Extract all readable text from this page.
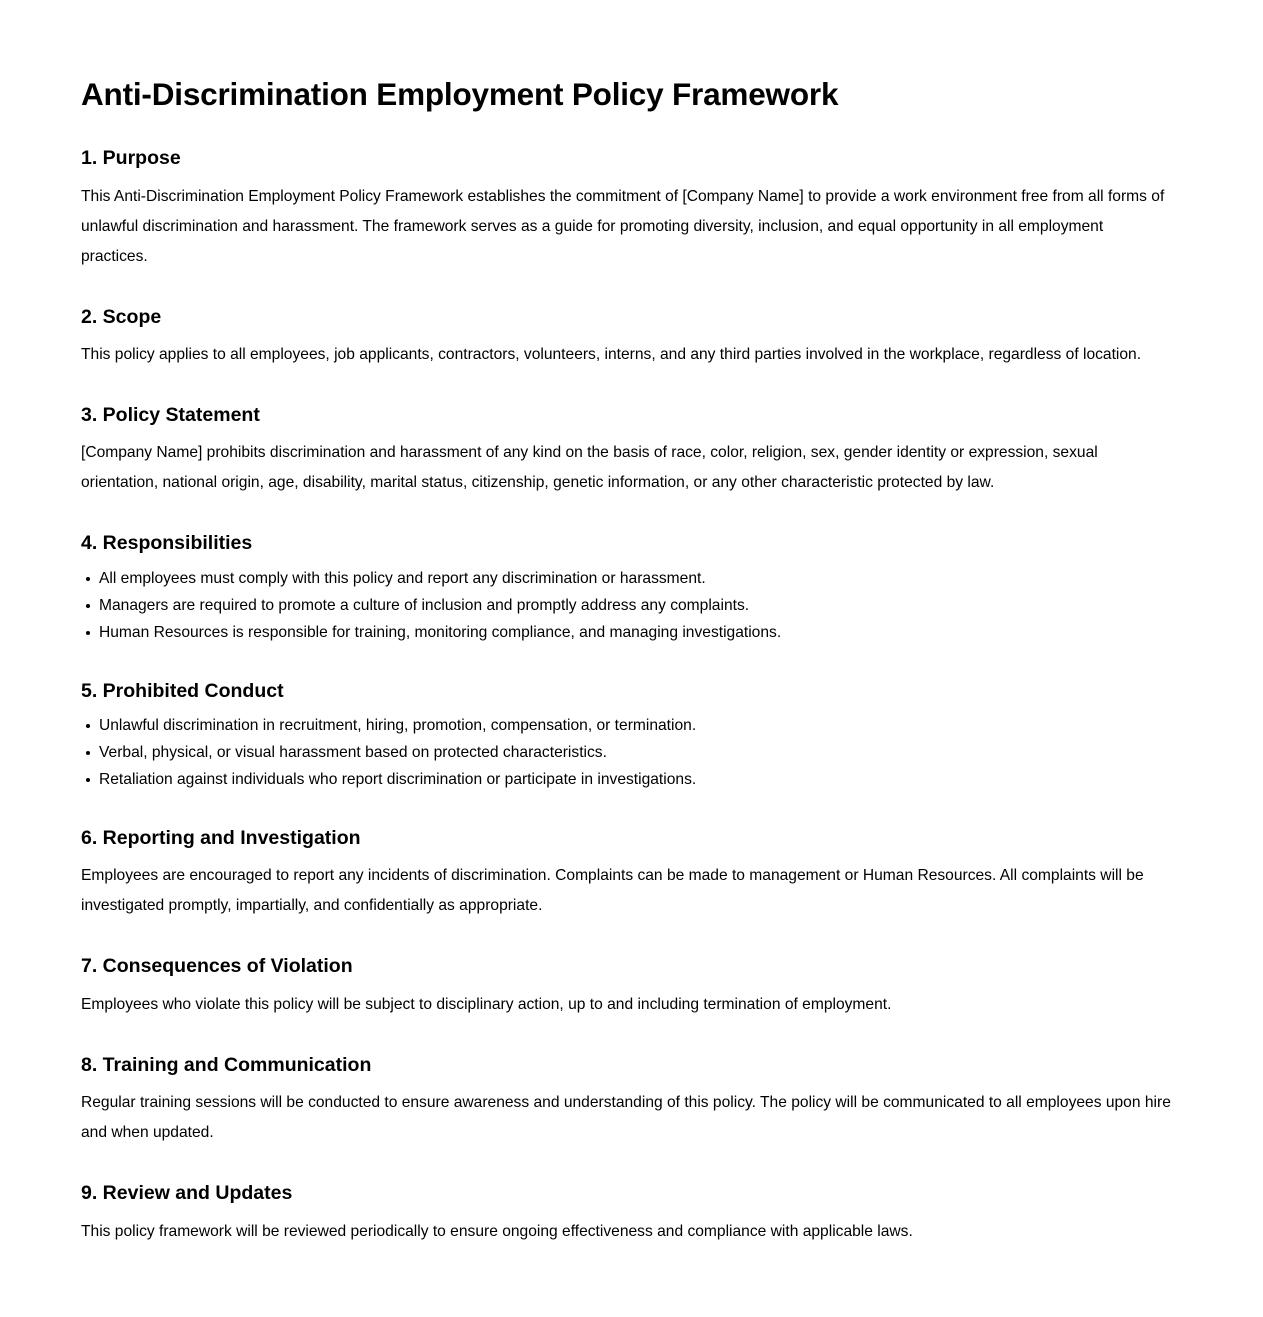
Anti-Discrimination Employment Policy Framework
1. Purpose

This Anti-Discrimination Employment Policy Framework establishes the commitment of [Company Name] to provide a work environment free from all forms of unlawful discrimination and harassment. The framework serves as a guide for promoting diversity, inclusion, and equal opportunity in all employment practices.

2. Scope

This policy applies to all employees, job applicants, contractors, volunteers, interns, and any third parties involved in the workplace, regardless of location.

3. Policy Statement

[Company Name] prohibits discrimination and harassment of any kind on the basis of race, color, religion, sex, gender identity or expression, sexual orientation, national origin, age, disability, marital status, citizenship, genetic information, or any other characteristic protected by law.

4. Responsibilities
All employees must comply with this policy and report any discrimination or harassment.
Managers are required to promote a culture of inclusion and promptly address any complaints.
Human Resources is responsible for training, monitoring compliance, and managing investigations.
5. Prohibited Conduct
Unlawful discrimination in recruitment, hiring, promotion, compensation, or termination.
Verbal, physical, or visual harassment based on protected characteristics.
Retaliation against individuals who report discrimination or participate in investigations.
6. Reporting and Investigation

Employees are encouraged to report any incidents of discrimination. Complaints can be made to management or Human Resources. All complaints will be investigated promptly, impartially, and confidentially as appropriate.

7. Consequences of Violation

Employees who violate this policy will be subject to disciplinary action, up to and including termination of employment.

8. Training and Communication

Regular training sessions will be conducted to ensure awareness and understanding of this policy. The policy will be communicated to all employees upon hire and when updated.

9. Review and Updates

This policy framework will be reviewed periodically to ensure ongoing effectiveness and compliance with applicable laws.
